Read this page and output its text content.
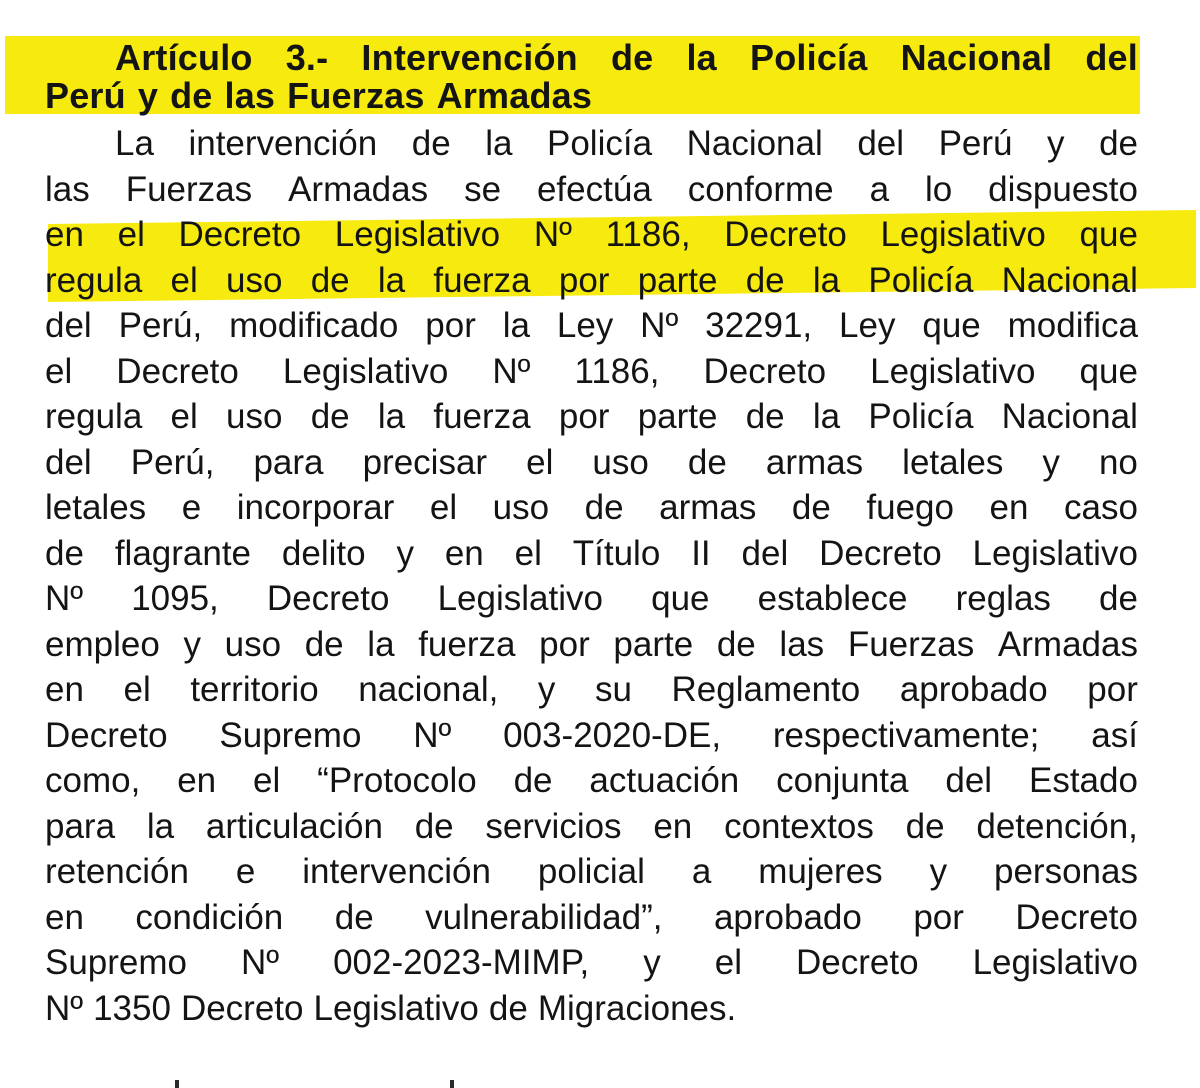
Artículo 3.- Intervención de la Policía Nacional del
Perú y de las Fuerzas Armadas
La intervención de la Policía Nacional del Perú y de
las Fuerzas Armadas se efectúa conforme a lo dispuesto
en el Decreto Legislativo Nº 1186, Decreto Legislativo que
regula el uso de la fuerza por parte de la Policía Nacional
del Perú, modificado por la Ley Nº 32291, Ley que modifica
el Decreto Legislativo Nº 1186, Decreto Legislativo que
regula el uso de la fuerza por parte de la Policía Nacional
del Perú, para precisar el uso de armas letales y no
letales e incorporar el uso de armas de fuego en caso
de flagrante delito y en el Título II del Decreto Legislativo
Nº 1095, Decreto Legislativo que establece reglas de
empleo y uso de la fuerza por parte de las Fuerzas Armadas
en el territorio nacional, y su Reglamento aprobado por
Decreto Supremo Nº 003-2020-DE, respectivamente; así
como, en el “Protocolo de actuación conjunta del Estado
para la articulación de servicios en contextos de detención,
retención e intervención policial a mujeres y personas
en condición de vulnerabilidad”, aprobado por Decreto
Supremo Nº 002-2023-MIMP, y el Decreto Legislativo
Nº 1350 Decreto Legislativo de Migraciones.
